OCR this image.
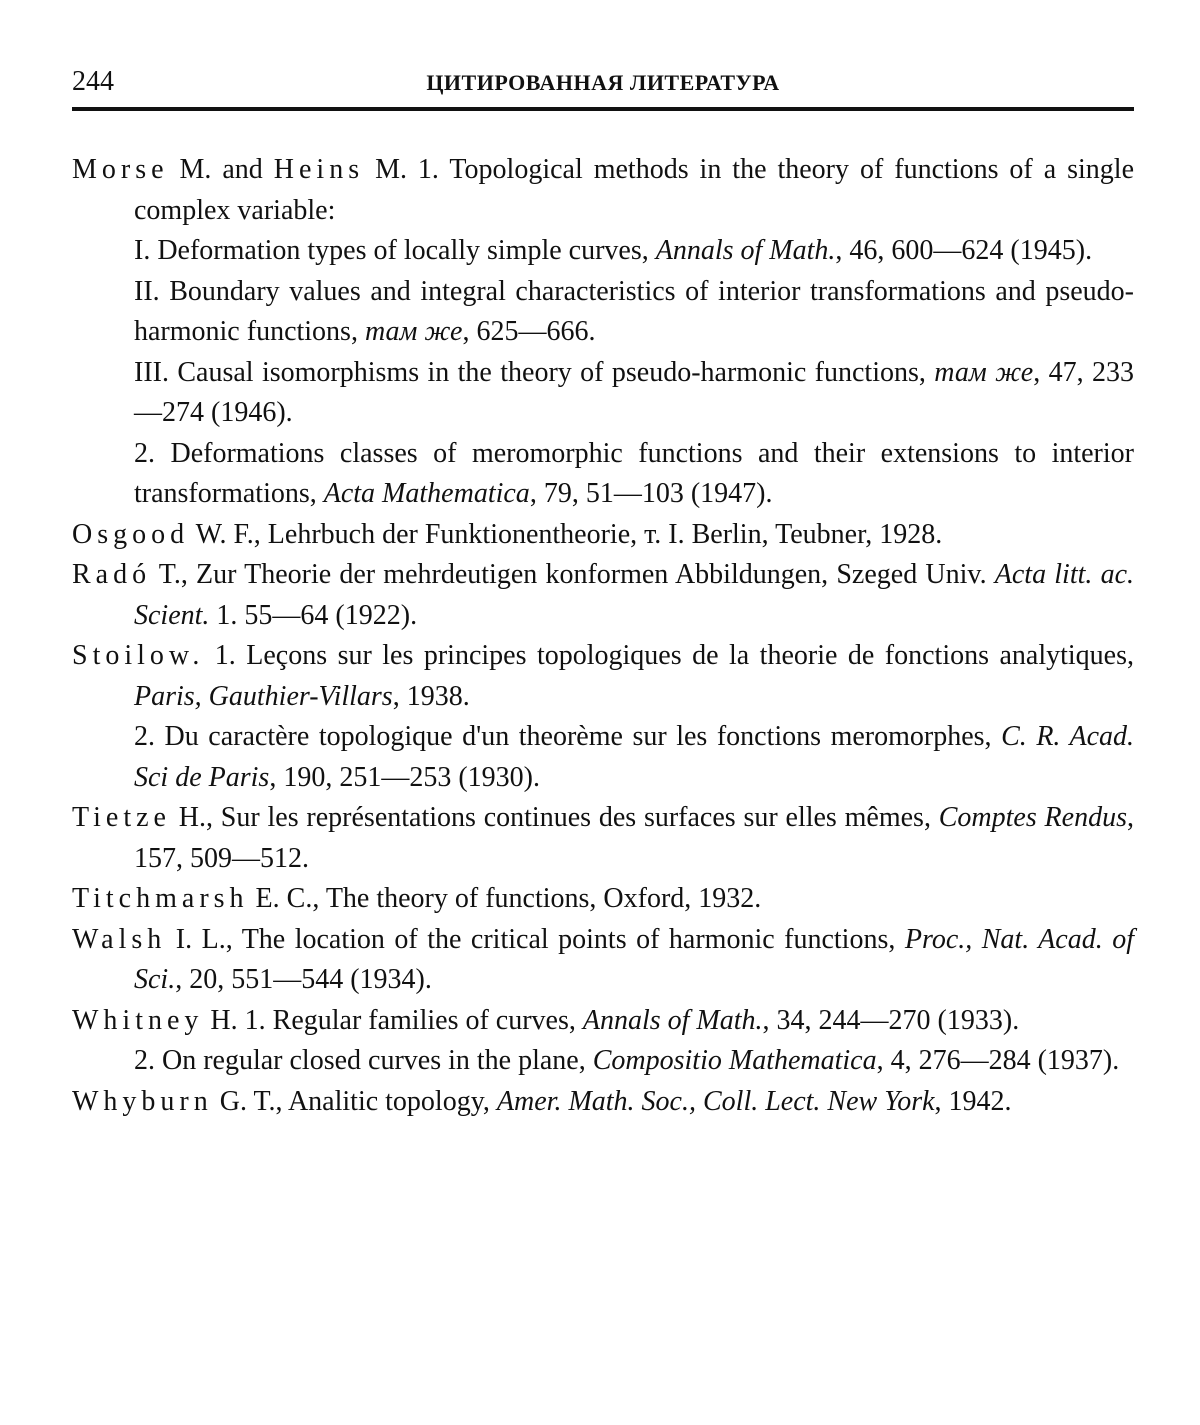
244	ЦИТИРОВАННАЯ ЛИТЕРАТУРА

Morse M. and Heins M. 1. Topological methods in the theory of functions of a single complex variable:

I. Deformation types of locally simple curves, Annals of Math., 46, 600—624 (1945).

II. Boundary values and integral characteristics of interior transformations and pseudo-harmonic functions, там же, 625—666.

III. Causal isomorphisms in the theory of pseudo-harmonic functions, там же, 47, 233—274 (1946).

2. Deformations classes of meromorphic functions and their extensions to interior transformations, Acta Mathematica, 79, 51—103 (1947).

Osgood W. F., Lehrbuch der Funktionentheorie, т. I. Berlin, Teubner, 1928.

Radó T., Zur Theorie der mehrdeutigen konformen Abbildungen, Szeged Univ. Acta litt. ac. Scient. 1. 55—64 (1922).

Stoilow. 1. Leçons sur les principes topologiques de la theorie de fonctions analytiques, Paris, Gauthier-Villars, 1938.

2. Du caractère topologique d'un theorème sur les fonctions meromorphes, C. R. Acad. Sci de Paris, 190, 251—253 (1930).

Tietze H., Sur les représentations continues des surfaces sur elles mêmes, Comptes Rendus, 157, 509—512.

Titchmarsh E. C., The theory of functions, Oxford, 1932.

Walsh I. L., The location of the critical points of harmonic functions, Proc., Nat. Acad. of Sci., 20, 551—544 (1934).

Whitney H. 1. Regular families of curves, Annals of Math., 34, 244—270 (1933).

2. On regular closed curves in the plane, Compositio Mathematica, 4, 276—284 (1937).

Whyburn G. T., Analitic topology, Amer. Math. Soc., Coll. Lect. New York, 1942.
